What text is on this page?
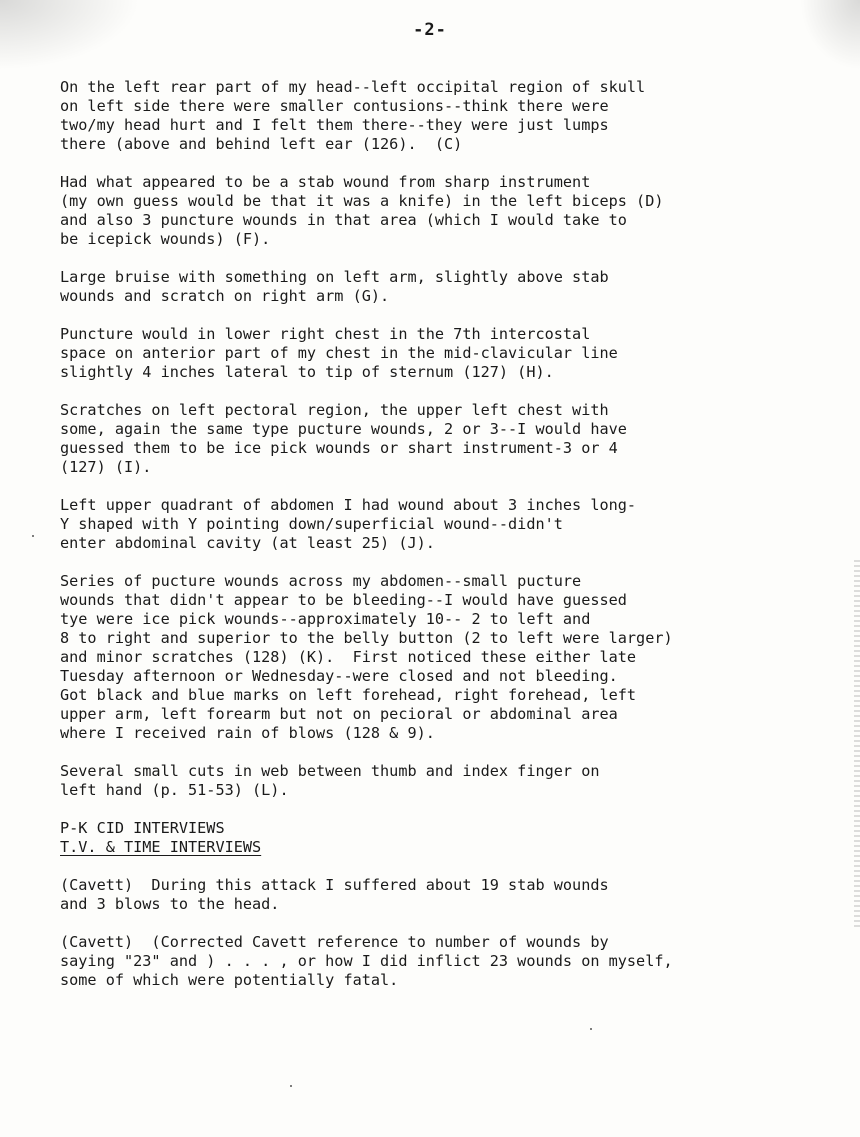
-2-
On the left rear part of my head--left occipital region of skull
on left side there were smaller contusions--think there were
two/my head hurt and I felt them there--they were just lumps
there (above and behind left ear (126).  (C)
Had what appeared to be a stab wound from sharp instrument
(my own guess would be that it was a knife) in the left biceps (D)
and also 3 puncture wounds in that area (which I would take to
be icepick wounds) (F).
Large bruise with something on left arm, slightly above stab
wounds and scratch on right arm (G).
Puncture would in lower right chest in the 7th intercostal
space on anterior part of my chest in the mid-clavicular line
slightly 4 inches lateral to tip of sternum (127) (H).
Scratches on left pectoral region, the upper left chest with
some, again the same type pucture wounds, 2 or 3--I would have
guessed them to be ice pick wounds or shart instrument-3 or 4
(127) (I).
Left upper quadrant of abdomen I had wound about 3 inches long-
Y shaped with Y pointing down/superficial wound--didn't
enter abdominal cavity (at least 25) (J).
Series of pucture wounds across my abdomen--small pucture
wounds that didn't appear to be bleeding--I would have guessed
tye were ice pick wounds--approximately 10-- 2 to left and
8 to right and superior to the belly button (2 to left were larger)
and minor scratches (128) (K).  First noticed these either late
Tuesday afternoon or Wednesday--were closed and not bleeding.
Got black and blue marks on left forehead, right forehead, left
upper arm, left forearm but not on pecioral or abdominal area
where I received rain of blows (128 & 9).
Several small cuts in web between thumb and index finger on
left hand (p. 51-53) (L).
P-K CID INTERVIEWS
T.V. & TIME INTERVIEWS
(Cavett)  During this attack I suffered about 19 stab wounds
and 3 blows to the head.
(Cavett)  (Corrected Cavett reference to number of wounds by
saying "23" and ) . . . , or how I did inflict 23 wounds on myself,
some of which were potentially fatal.
